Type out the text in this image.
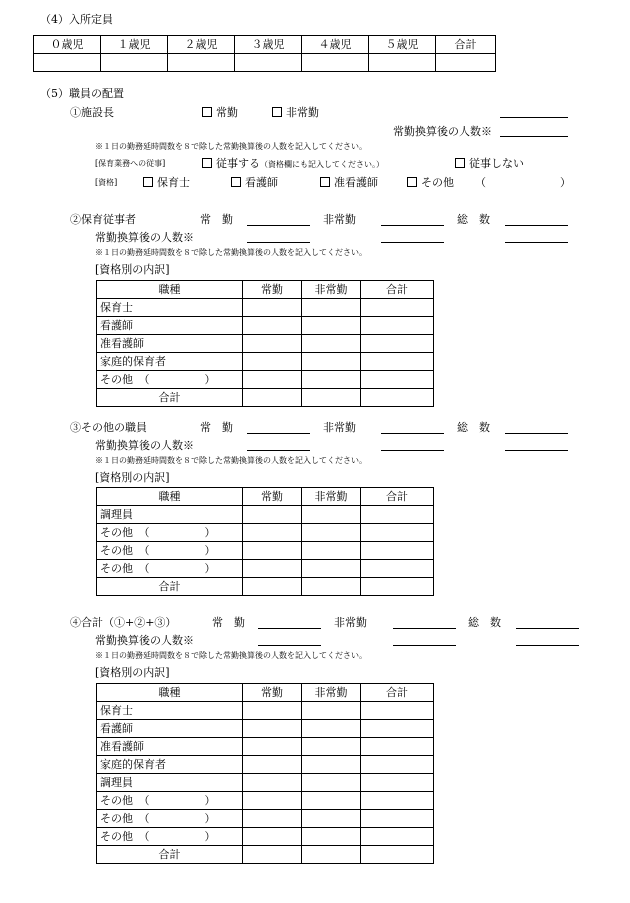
（4）入所定員
０歳児	１歳児	２歳児	３歳児	４歳児	５歳児	合計

（5）職員の配置
①施設長	常勤	非常勤
常勤換算後の人数※
※１日の勤務延時間数を８で除した常勤換算後の人数を記入してください。
[保育業務への従事]	従事する（資格欄にも記入してください。）	従事しない
[資格]	保育士	看護師	准看護師	その他 （	）
②保育従事者	常　勤	非常勤	総　数
常勤換算後の人数※
※１日の勤務延時間数を８で除した常勤換算後の人数を記入してください。
[資格別の内訳]
職種	常勤	非常勤	合計
保育士			
看護師			
准看護師			
家庭的保育者			
その他　（　　　　　）			
合計			
③その他の職員	常　勤	非常勤	総　数
常勤換算後の人数※
※１日の勤務延時間数を８で除した常勤換算後の人数を記入してください。
[資格別の内訳]
職種	常勤	非常勤	合計
調理員			
その他　（　　　　　）			
その他　（　　　　　）			
その他　（　　　　　）			
合計			
④合計（①+②+③）	常　勤	非常勤	総　数
常勤換算後の人数※
※１日の勤務延時間数を８で除した常勤換算後の人数を記入してください。
[資格別の内訳]
職種	常勤	非常勤	合計
保育士			
看護師			
准看護師			
家庭的保育者			
調理員			
その他　（　　　　　）			
その他　（　　　　　）			
その他　（　　　　　）			
合計			
